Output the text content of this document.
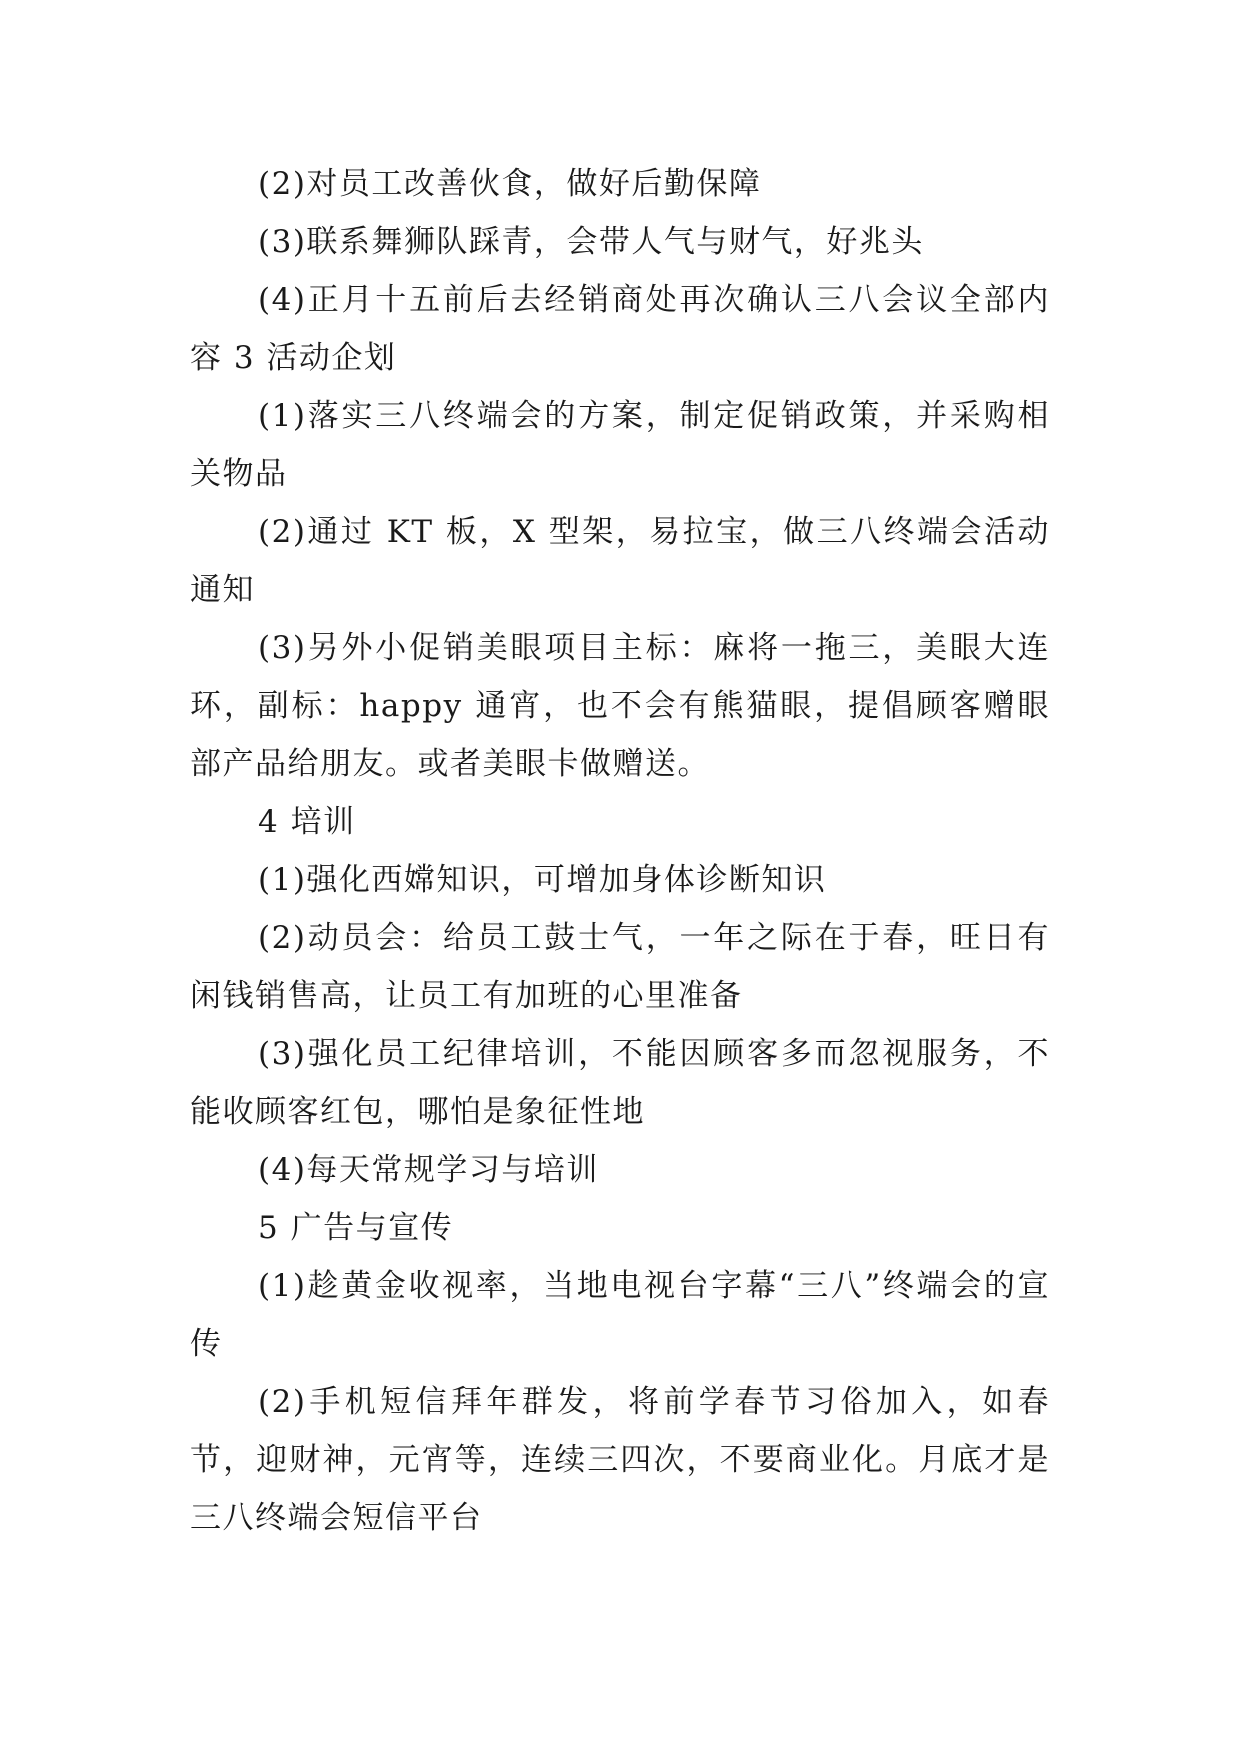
(2)对员工改善伙食，做好后勤保障

(3)联系舞狮队踩青，会带人气与财气，好兆头

(4)正月十五前后去经销商处再次确认三八会议全部内容 3 活动企划

(1)落实三八终端会的方案，制定促销政策，并采购相关物品

(2)通过 KT 板，X 型架，易拉宝，做三八终端会活动通知

(3)另外小促销美眼项目主标：麻将一拖三，美眼大连环，副标：happy 通宵，也不会有熊猫眼，提倡顾客赠眼部产品给朋友。或者美眼卡做赠送。

4 培训

(1)强化西嫦知识，可增加身体诊断知识

(2)动员会：给员工鼓士气，一年之际在于春，旺日有闲钱销售高，让员工有加班的心里准备

(3)强化员工纪律培训，不能因顾客多而忽视服务，不能收顾客红包，哪怕是象征性地

(4)每天常规学习与培训

5 广告与宣传

(1)趁黄金收视率，当地电视台字幕“三八”终端会的宣传

(2)手机短信拜年群发，将前学春节习俗加入，如春节，迎财神，元宵等，连续三四次，不要商业化。月底才是三八终端会短信平台
